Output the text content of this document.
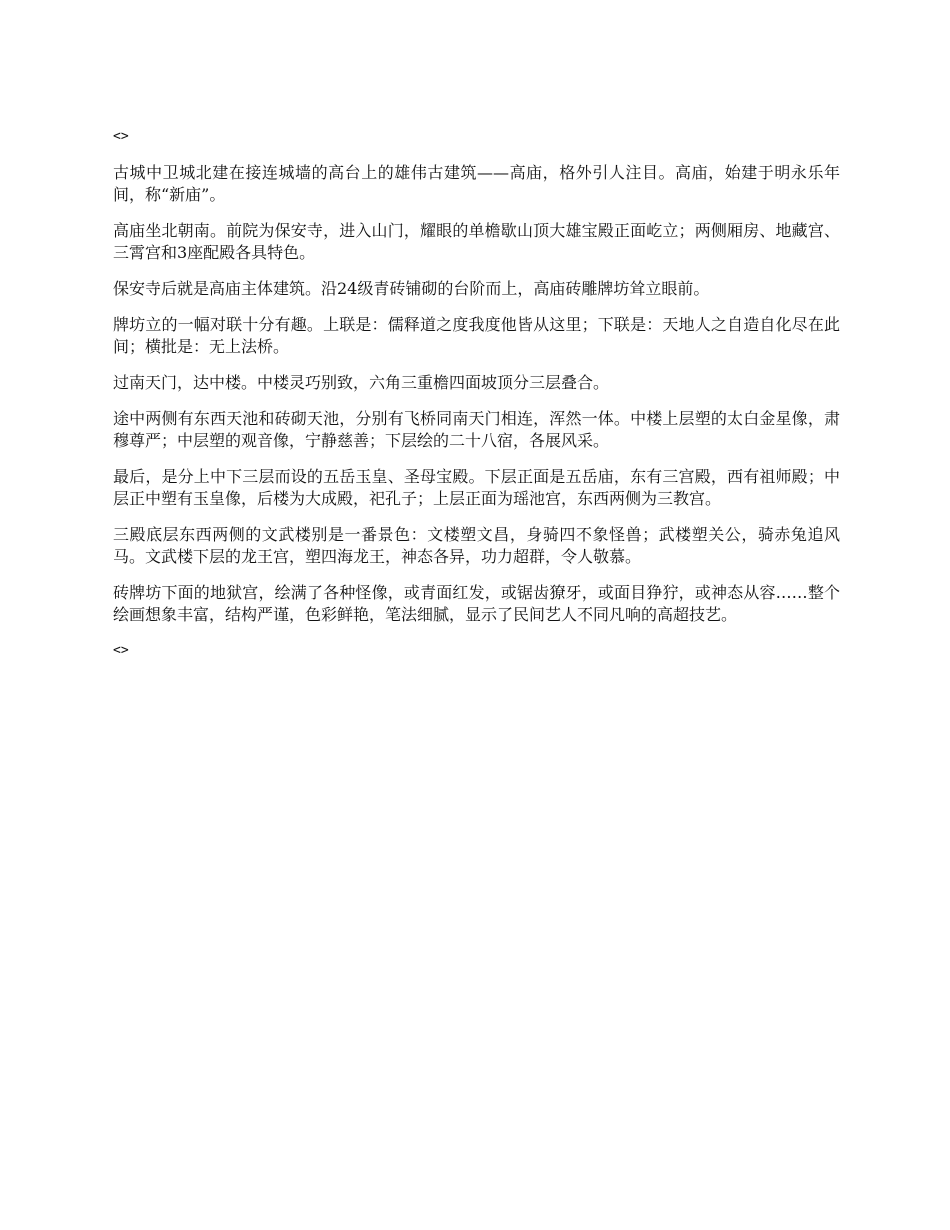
<>

古城中卫城北建在接连城墙的高台上的雄伟古建筑——高庙，格外引人注目。高庙，始建于明永乐年间，称“新庙”。

高庙坐北朝南。前院为保安寺，进入山门，耀眼的单檐歇山顶大雄宝殿正面屹立；两侧厢房、地藏宫、三霄宫和3座配殿各具特色。

保安寺后就是高庙主体建筑。沿24级青砖铺砌的台阶而上，高庙砖雕牌坊耸立眼前。

牌坊立的一幅对联十分有趣。上联是：儒释道之度我度他皆从这里；下联是：天地人之自造自化尽在此间；横批是：无上法桥。

过南天门，达中楼。中楼灵巧别致，六角三重檐四面坡顶分三层叠合。

途中两侧有东西天池和砖砌天池，分别有飞桥同南天门相连，浑然一体。中楼上层塑的太白金星像，肃穆尊严；中层塑的观音像，宁静慈善；下层绘的二十八宿，各展风采。

最后，是分上中下三层而设的五岳玉皇、圣母宝殿。下层正面是五岳庙，东有三宫殿，西有祖师殿；中层正中塑有玉皇像，后楼为大成殿，祀孔子；上层正面为瑶池宫，东西两侧为三教宫。

三殿底层东西两侧的文武楼别是一番景色：文楼塑文昌，身骑四不象怪兽；武楼塑关公，骑赤兔追风马。文武楼下层的龙王宫，塑四海龙王，神态各异，功力超群，令人敬慕。

砖牌坊下面的地狱宫，绘满了各种怪像，或青面红发，或锯齿獠牙，或面目狰狞，或神态从容……整个绘画想象丰富，结构严谨，色彩鲜艳，笔法细腻，显示了民间艺人不同凡响的高超技艺。

<>
